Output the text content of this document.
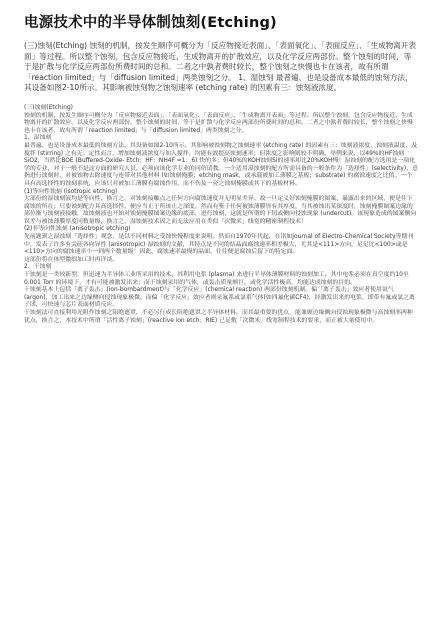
电源技术中的半导体制蚀刻(Etching)

(三)蚀刻(Etching) 蚀刻的机制，按发生顺序可概分为「反应物接近表面」、「表面氧化」、「表面反应」、「生成物离开表面」等过程。所以整个蚀刻，包含反应物接近、生成物离开的扩散效应，以及化学反应两部份。整个蚀刻的时间，等于是扩散与化学反应两部份所费时间的总和。二者之中孰者费时较长，整个蚀刻之快慢也卡在该者，故有所谓「reaction limited」与「diffusion limited」两类蚀刻之分。 1、湿蚀刻 最普遍、也是设备成本最低的蚀刻方法，其设备如图2-10所示。其影响被蚀刻物之蚀刻速率 (etching rate) 的因素有三：蚀刻液浓度。

(三)蚀刻(Etching)

蚀刻的机制，按发生顺序可概分为「反应物接近表面」、「表面氧化」、「表面反应」、「生成物离开表面」等过程。所以整个蚀刻，包含反应物接近、生成物离开的扩散效应，以及化学反应两部份。整个蚀刻的时间，等于是扩散与化学反应两部份所费时间的总和。二者之中孰者费时较长，整个蚀刻之快慢也卡在该者，故有所谓「reaction limited」与「diffusion limited」两类蚀刻之分。

1、湿蚀刻

最普遍、也是设备成本最低的蚀刻方法，其设备如图2-10所示。其影响被蚀刻物之蚀刻速率 (etching rate) 的因素有三：蚀刻液浓度、蚀刻液温度、及搅拌 (stirring) 之有无。定性而言，增加蚀刻液浓度与加入搅拌，均能有效提高蚀刻速率；但浓度之影响则较不明确。举例来说，以49%的HF蚀刻SiO2，当然比BOE (Buffered-Oxide- Etch；HF：NH4F =1：6) 快的多；但40%的KOH蚀刻Si的速率却比20%KOH慢！湿蚀刻的配方选用是一项化学的专业，对于一般不是这方面的研究人员，必须向该化学专业的同侪请教。一个适用湿蚀刻的配方所需具备的一般条件为「选择性」(selectivity)，意指进行蚀刻时，对被蚀物去除速度与连带对其他材料 (如蚀刻掩膜；etching mask，或承载被加工薄膜之基板；substrate) 的腐蚀速度之比值。一个具有高选择性的蚀刻系统，应该只对被加工薄膜有腐蚀作用，而不伤及一旁之蚀刻掩膜或其下的基板材料。

(1)等向性蚀刻 (isotropic etching)

大部份的湿蚀刻液均是等向性，换言之，对蚀刻接触点之任何方向腐蚀速度并无明显差异。故一旦定义好蚀刻掩膜的图案，暴露出来的区域，便是往下腐蚀的所在；只要蚀刻配方具高选择性，便应当止于所该止之深度。然而有鉴于任何被蚀薄膜皆有其厚度，当其被蚀出某深度时，蚀刻掩膜图案边缘的部位渐与蚀刻液接触，故蚀刻液也开始对蚀刻掩膜图案边缘的底部，进行蚀刻，这就是所谓的下切或侧向侵蚀现象 (undercut)。该现象造成的图案侧向误差与被蚀薄膜厚度同数量级，换言之，湿蚀刻技术因之而无法应用在类似「次微米」线宽的精密制程技术！

(2)非等向性蚀刻 (anisotropic etching)

先前题到之湿蚀刻「选择性」观念，是以不同材料之受蚀快慢程度来说明。然而自1970年代起，在诸如Journal of Electro-Chemical Society等期刊中，发表了许多有关硅各向异性 (anisotropic) 湿蚀刻的文献，其特点是不同的结晶面腐蚀速率相差极大，尤其是<111>方向，足足比<100>或是<110>方向的腐蚀速率小一到两个数量级！因此，腐蚀速率最慢的晶面，往往便是腐蚀后留下的特定面。

这部份将在体型微细加工时再详谈。

2、干蚀刻

干蚀刻是一类较新型，但迅速为半导体工业所采用的技术。其利用电浆 (plasma) 来进行半导体薄膜材料的蚀刻加工。其中电浆必须在真空度约10至0.001 Torr 的环境下，才有可能被激发出来；而干蚀刻采用的气体，或轰击质量颇巨，或化学活性极高，均能达成蚀刻的目的。

干蚀刻基本上包括「离子轰击」(ion-bombardment)与「化学反应」(chemical reaction) 两部份蚀刻机制。偏「离子轰击」效应者使用氩气(argon)，加工出来之边缘侧向侵蚀现象极微。而偏「化学反应」效应者则采氟系或氯系气体(如四氟化碳CF4)，经激发出来的电浆，即带有氟或氯之离子团，可快速与芯片表面材质反应。

干蚀刻法可直接利用光阻作蚀刻之阻绝遮罩，不必另行成长阻绝遮罩之半导体材料。而其最重要的优点，能兼顾边缘侧向侵蚀现象极微与高蚀刻率两种优点，换言之，本技术中所谓「活性离子蚀刻」(reactive ion etch；RIE) 已足敷「次微米」线宽制程技术的要求，而正被大量使用中。
